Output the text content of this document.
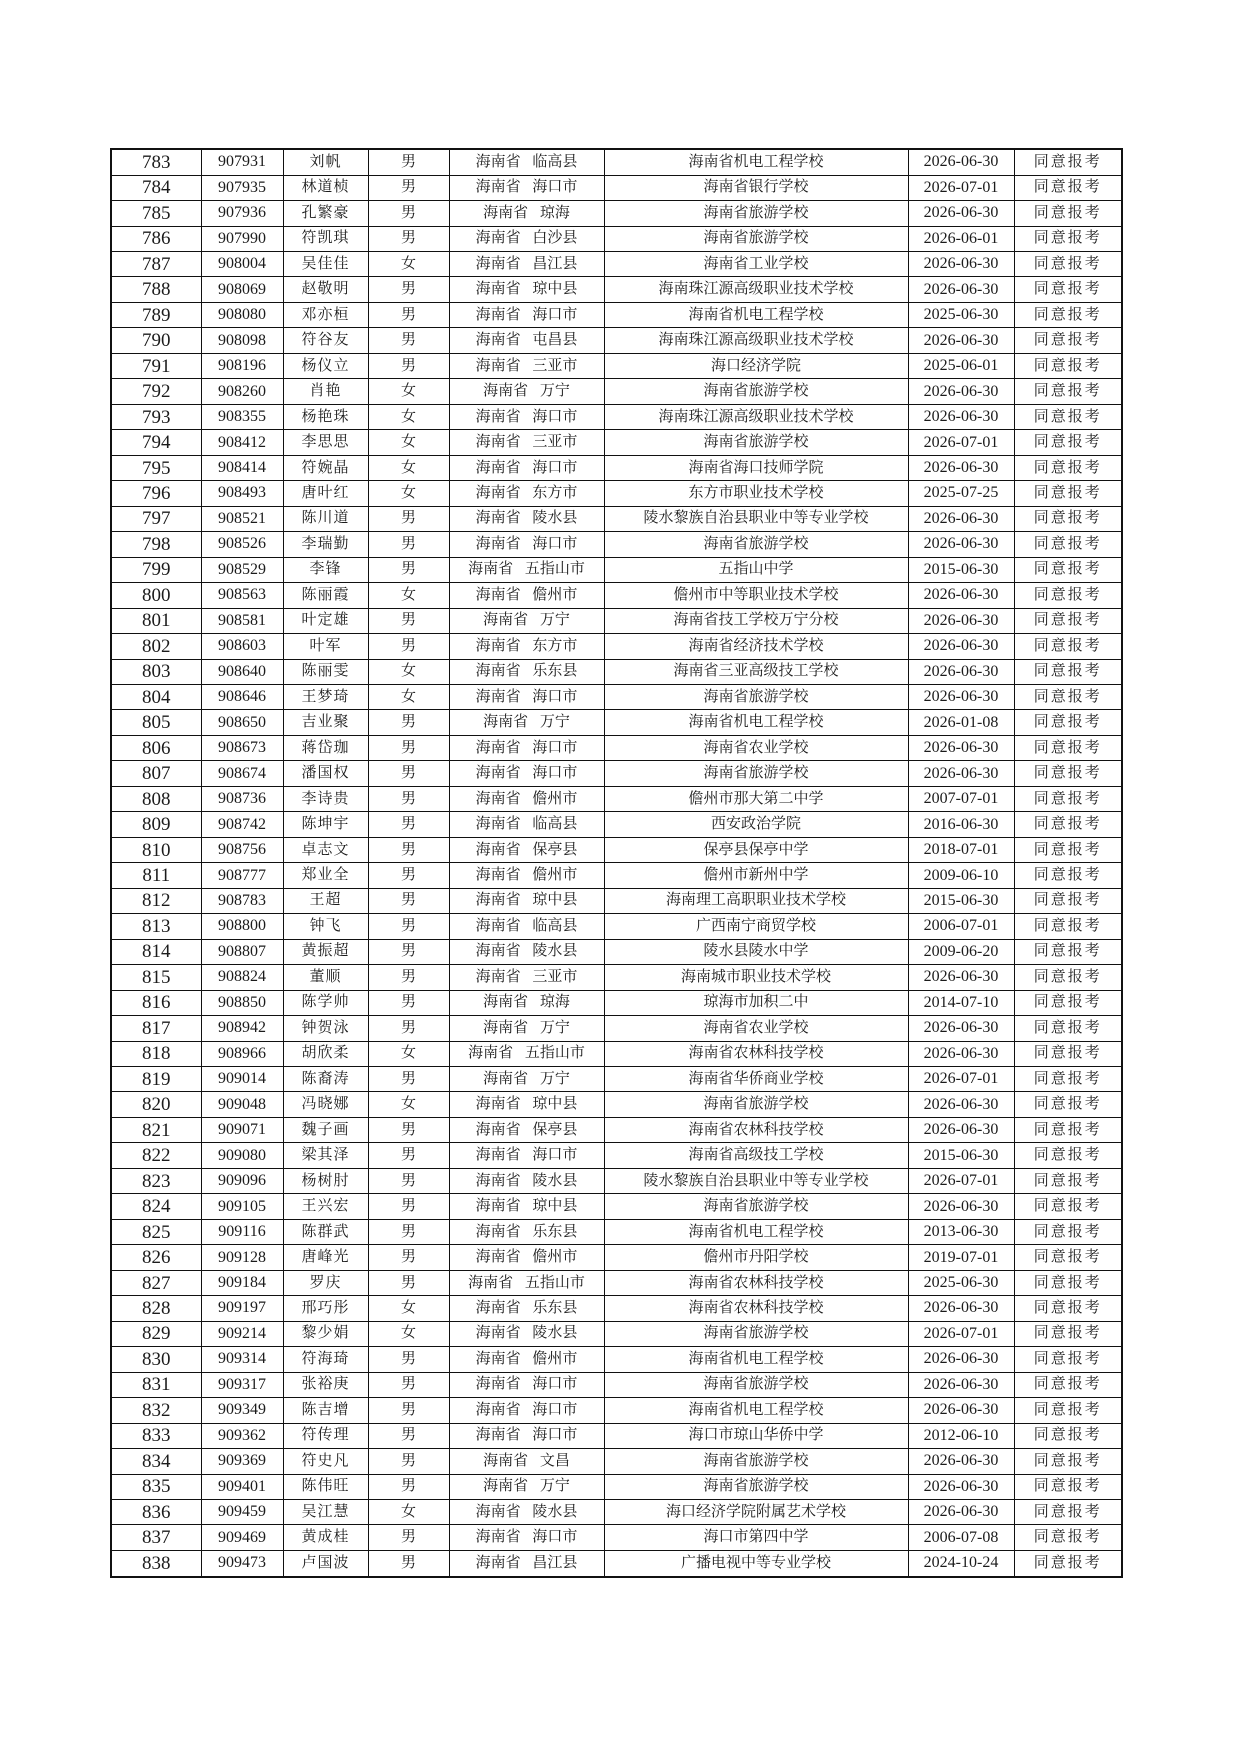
783	907931	刘帆	男	海南省 临高县	海南省机电工程学校	2026-06-30	同意报考
784	907935	林道桢	男	海南省 海口市	海南省银行学校	2026-07-01	同意报考
785	907936	孔繁豪	男	海南省 琼海	海南省旅游学校	2026-06-30	同意报考
786	907990	符凯琪	男	海南省 白沙县	海南省旅游学校	2026-06-01	同意报考
787	908004	吴佳佳	女	海南省 昌江县	海南省工业学校	2026-06-30	同意报考
788	908069	赵敬明	男	海南省 琼中县	海南珠江源高级职业技术学校	2026-06-30	同意报考
789	908080	邓亦桓	男	海南省 海口市	海南省机电工程学校	2025-06-30	同意报考
790	908098	符谷友	男	海南省 屯昌县	海南珠江源高级职业技术学校	2026-06-30	同意报考
791	908196	杨仪立	男	海南省 三亚市	海口经济学院	2025-06-01	同意报考
792	908260	肖艳	女	海南省 万宁	海南省旅游学校	2026-06-30	同意报考
793	908355	杨艳珠	女	海南省 海口市	海南珠江源高级职业技术学校	2026-06-30	同意报考
794	908412	李思思	女	海南省 三亚市	海南省旅游学校	2026-07-01	同意报考
795	908414	符婉晶	女	海南省 海口市	海南省海口技师学院	2026-06-30	同意报考
796	908493	唐叶红	女	海南省 东方市	东方市职业技术学校	2025-07-25	同意报考
797	908521	陈川道	男	海南省 陵水县	陵水黎族自治县职业中等专业学校	2026-06-30	同意报考
798	908526	李瑞勤	男	海南省 海口市	海南省旅游学校	2026-06-30	同意报考
799	908529	李锋	男	海南省 五指山市	五指山中学	2015-06-30	同意报考
800	908563	陈丽霞	女	海南省 儋州市	儋州市中等职业技术学校	2026-06-30	同意报考
801	908581	叶定雄	男	海南省 万宁	海南省技工学校万宁分校	2026-06-30	同意报考
802	908603	叶军	男	海南省 东方市	海南省经济技术学校	2026-06-30	同意报考
803	908640	陈丽雯	女	海南省 乐东县	海南省三亚高级技工学校	2026-06-30	同意报考
804	908646	王梦琦	女	海南省 海口市	海南省旅游学校	2026-06-30	同意报考
805	908650	吉业聚	男	海南省 万宁	海南省机电工程学校	2026-01-08	同意报考
806	908673	蒋岱珈	男	海南省 海口市	海南省农业学校	2026-06-30	同意报考
807	908674	潘国权	男	海南省 海口市	海南省旅游学校	2026-06-30	同意报考
808	908736	李诗贵	男	海南省 儋州市	儋州市那大第二中学	2007-07-01	同意报考
809	908742	陈坤宇	男	海南省 临高县	西安政治学院	2016-06-30	同意报考
810	908756	卓志文	男	海南省 保亭县	保亭县保亭中学	2018-07-01	同意报考
811	908777	郑业全	男	海南省 儋州市	儋州市新州中学	2009-06-10	同意报考
812	908783	王超	男	海南省 琼中县	海南理工高职职业技术学校	2015-06-30	同意报考
813	908800	钟飞	男	海南省 临高县	广西南宁商贸学校	2006-07-01	同意报考
814	908807	黄振超	男	海南省 陵水县	陵水县陵水中学	2009-06-20	同意报考
815	908824	董顺	男	海南省 三亚市	海南城市职业技术学校	2026-06-30	同意报考
816	908850	陈学帅	男	海南省 琼海	琼海市加积二中	2014-07-10	同意报考
817	908942	钟贺泳	男	海南省 万宁	海南省农业学校	2026-06-30	同意报考
818	908966	胡欣柔	女	海南省 五指山市	海南省农林科技学校	2026-06-30	同意报考
819	909014	陈裔涛	男	海南省 万宁	海南省华侨商业学校	2026-07-01	同意报考
820	909048	冯晓娜	女	海南省 琼中县	海南省旅游学校	2026-06-30	同意报考
821	909071	魏子画	男	海南省 保亭县	海南省农林科技学校	2026-06-30	同意报考
822	909080	梁其泽	男	海南省 海口市	海南省高级技工学校	2015-06-30	同意报考
823	909096	杨树肘	男	海南省 陵水县	陵水黎族自治县职业中等专业学校	2026-07-01	同意报考
824	909105	王兴宏	男	海南省 琼中县	海南省旅游学校	2026-06-30	同意报考
825	909116	陈群武	男	海南省 乐东县	海南省机电工程学校	2013-06-30	同意报考
826	909128	唐峰光	男	海南省 儋州市	儋州市丹阳学校	2019-07-01	同意报考
827	909184	罗庆	男	海南省 五指山市	海南省农林科技学校	2025-06-30	同意报考
828	909197	邢巧彤	女	海南省 乐东县	海南省农林科技学校	2026-06-30	同意报考
829	909214	黎少娟	女	海南省 陵水县	海南省旅游学校	2026-07-01	同意报考
830	909314	符海琦	男	海南省 儋州市	海南省机电工程学校	2026-06-30	同意报考
831	909317	张裕庚	男	海南省 海口市	海南省旅游学校	2026-06-30	同意报考
832	909349	陈吉增	男	海南省 海口市	海南省机电工程学校	2026-06-30	同意报考
833	909362	符传理	男	海南省 海口市	海口市琼山华侨中学	2012-06-10	同意报考
834	909369	符史凡	男	海南省 文昌	海南省旅游学校	2026-06-30	同意报考
835	909401	陈伟旺	男	海南省 万宁	海南省旅游学校	2026-06-30	同意报考
836	909459	吴江慧	女	海南省 陵水县	海口经济学院附属艺术学校	2026-06-30	同意报考
837	909469	黄成桂	男	海南省 海口市	海口市第四中学	2006-07-08	同意报考
838	909473	卢国波	男	海南省 昌江县	广播电视中等专业学校	2024-10-24	同意报考
